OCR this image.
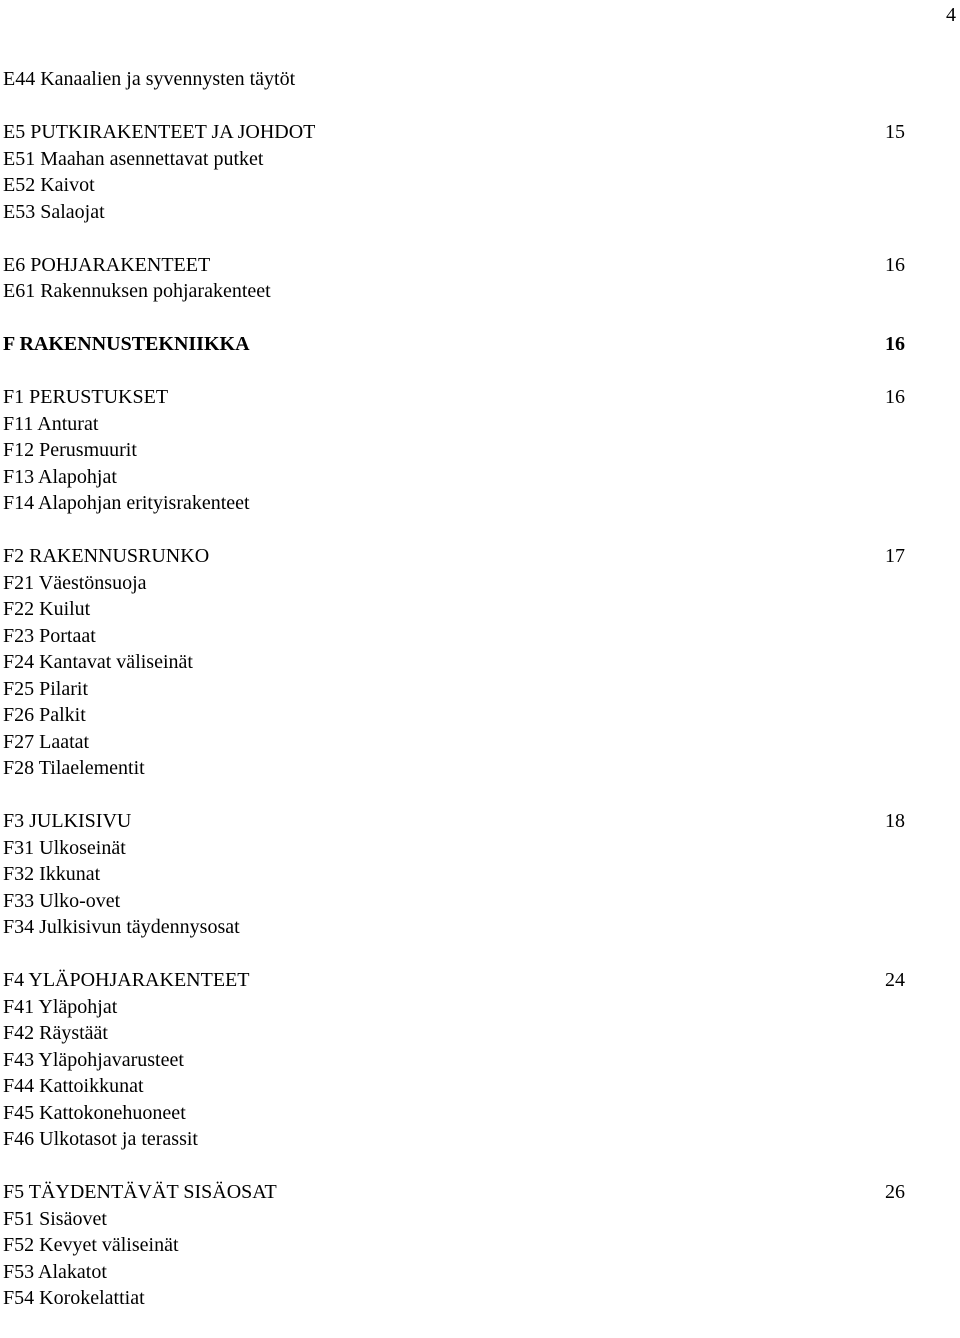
4
E44 Kanaalien ja syvennysten täytöt
E5 PUTKIRAKENTEET JA JOHDOT	15
E51 Maahan asennettavat putket
E52 Kaivot
E53 Salaojat
E6 POHJARAKENTEET	16
E61 Rakennuksen pohjarakenteet
F RAKENNUSTEKNIIKKA	16
F1 PERUSTUKSET	16
F11 Anturat
F12 Perusmuurit
F13 Alapohjat
F14 Alapohjan erityisrakenteet
F2 RAKENNUSRUNKO	17
F21 Väestönsuoja
F22 Kuilut
F23 Portaat
F24 Kantavat väliseinät
F25 Pilarit
F26 Palkit
F27 Laatat
F28 Tilaelementit
F3 JULKISIVU	18
F31 Ulkoseinät
F32 Ikkunat
F33 Ulko-ovet
F34 Julkisivun täydennysosat
F4 YLÄPOHJARAKENTEET	24
F41 Yläpohjat
F42 Räystäät
F43 Yläpohjavarusteet
F44 Kattoikkunat
F45 Kattokonehuoneet
F46 Ulkotasot ja terassit
F5 TÄYDENTÄVÄT SISÄOSAT	26
F51 Sisäovet
F52 Kevyet väliseinät
F53 Alakatot
F54 Korokelattiat
